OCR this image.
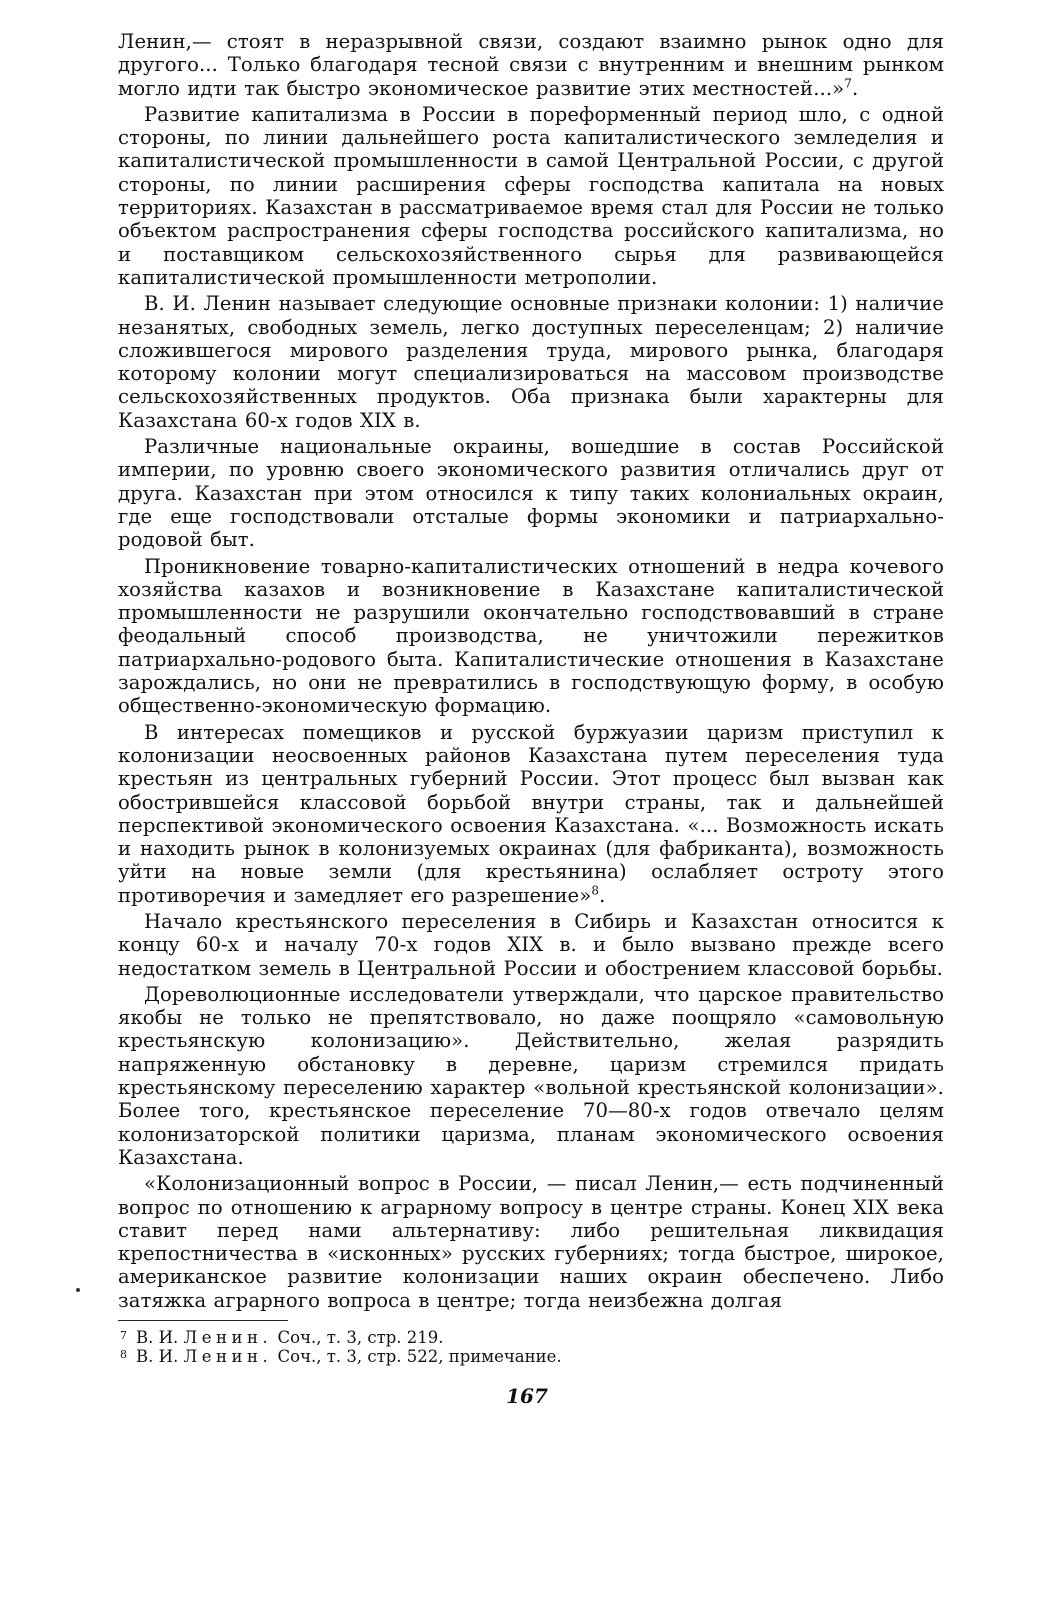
Ленин,— стоят в неразрывной связи, создают взаимно рынок одно для другого... Только благодаря тесной связи с внутренним и внешним рынком могло идти так быстро экономическое развитие этих местностей...»$^7$.

Развитие капитализма в России в пореформенный период шло, с одной стороны, по линии дальнейшего роста капиталистического земледелия и капиталистической промышленности в самой Центральной России, с другой стороны, по линии расширения сферы господства капитала на новых территориях. Казахстан в рассматриваемое время стал для России не только объектом распространения сферы господства российского капитализма, но и поставщиком сельскохозяйственного сырья для развивающейся капиталистической промышленности метрополии.

В. И. Ленин называет следующие основные признаки колонии: 1) наличие незанятых, свободных земель, легко доступных переселенцам; 2) наличие сложившегося мирового разделения труда, мирового рынка, благодаря которому колонии могут специализироваться на массовом производстве сельскохозяйственных продуктов. Оба признака были характерны для Казахстана 60-х годов XIX в.

Различные национальные окраины, вошедшие в состав Российской империи, по уровню своего экономического развития отличались друг от друга. Казахстан при этом относился к типу таких колониальных окраин, где еще господствовали отсталые формы экономики и патриархально-родовой быт.

Проникновение товарно-капиталистических отношений в недра кочевого хозяйства казахов и возникновение в Казахстане капиталистической промышленности не разрушили окончательно господствовавший в стране феодальный способ производства, не уничтожили пережитков патриархально-родового быта. Капиталистические отношения в Казахстане зарождались, но они не превратились в господствующую форму, в особую общественно-экономическую формацию.

В интересах помещиков и русской буржуазии царизм приступил к колонизации неосвоенных районов Казахстана путем переселения туда крестьян из центральных губерний России. Этот процесс был вызван как обострившейся классовой борьбой внутри страны, так и дальнейшей перспективой экономического освоения Казахстана. «... Возможность искать и находить рынок в колонизуемых окраинах (для фабриканта), возможность уйти на новые земли (для крестьянина) ослабляет остроту этого противоречия и замедляет его разрешение»$^8$.

Начало крестьянского переселения в Сибирь и Казахстан относится к концу 60-х и началу 70-х годов XIX в. и было вызвано прежде всего недостатком земель в Центральной России и обострением классовой борьбы.

Дореволюционные исследователи утверждали, что царское правительство якобы не только не препятствовало, но даже поощряло «самовольную крестьянскую колонизацию». Действительно, желая разрядить напряженную обстановку в деревне, царизм стремился придать крестьянскому переселению характер «вольной крестьянской колонизации». Более того, крестьянское переселение 70—80-х годов отвечало целям колонизаторской политики царизма, планам экономического освоения Казахстана.

«Колонизационный вопрос в России, — писал Ленин,— есть подчиненный вопрос по отношению к аграрному вопросу в центре страны. Конец XIX века ставит перед нами альтернативу: либо решительная ликвидация крепостничества в «исконных» русских губерниях; тогда быстрое, широкое, американское развитие колонизации наших окраин обеспечено. Либо затяжка аграрного вопроса в центре; тогда неизбежна долгая

7 В. И. Ленин. Соч., т. 3, стр. 219.

8 В. И. Ленин. Соч., т. 3, стр. 522, примечание.

167
